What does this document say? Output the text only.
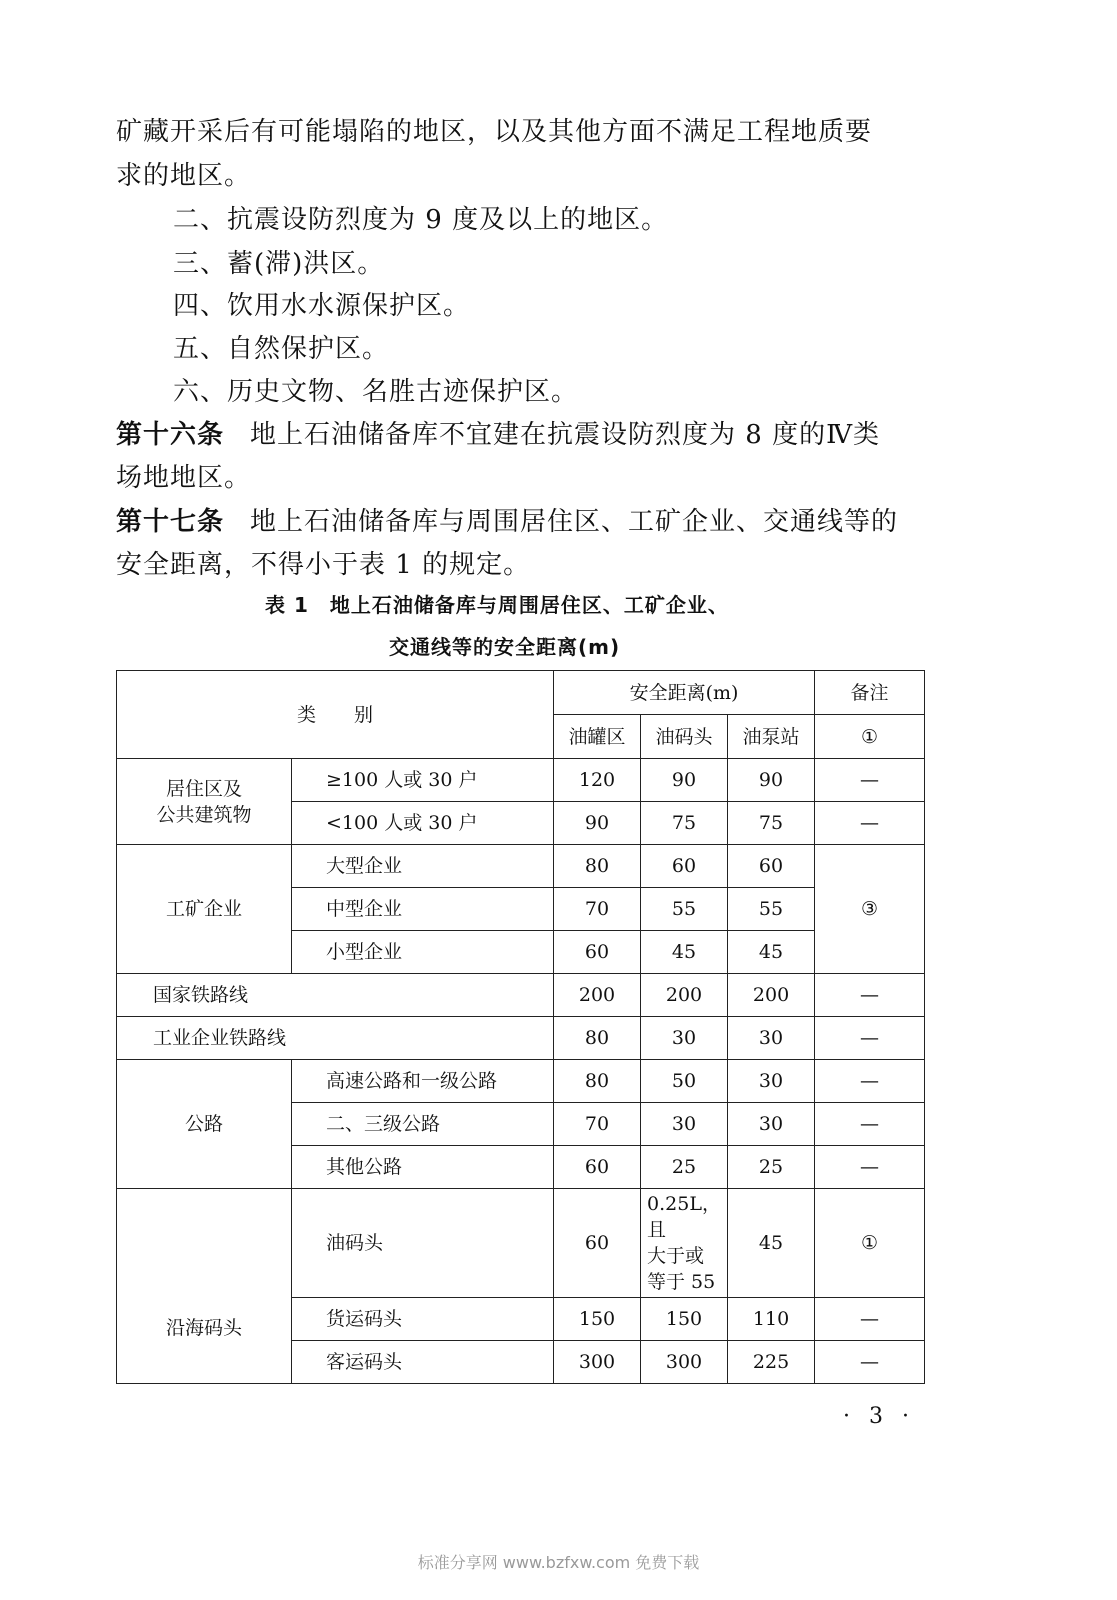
矿藏开采后有可能塌陷的地区，以及其他方面不满足工程地质要
求的地区。
二、抗震设防烈度为 9 度及以上的地区。
三、蓄(滞)洪区。
四、饮用水水源保护区。
五、自然保护区。
六、历史文物、名胜古迹保护区。
第十六条 地上石油储备库不宜建在抗震设防烈度为 8 度的Ⅳ类
场地地区。
第十七条 地上石油储备库与周围居住区、工矿企业、交通线等的
安全距离，不得小于表 1 的规定。
表 1　地上石油储备库与周围居住区、工矿企业、
交通线等的安全距离(m)
类　　别		安全距离(m)			备注
		油罐区	油码头	油泵站	①
居住区及
公共建筑物	≥100 人或 30 户	120	90	90	—
	<100 人或 30 户	90	75	75	—
工矿企业	大型企业	80	60	60	③
	中型企业	70	55	55	
	小型企业	60	45	45	
国家铁路线		200	200	200	—
工业企业铁路线		80	30	30	—
公路	高速公路和一级公路	80	50	30	—
	二、三级公路	70	30	30	—
	其他公路	60	25	25	—
沿海码头	油码头	60	0.25L，且
大于或
等于 55	45	①
	货运码头	150	150	110	—
	客运码头	300	300	225	—
· 3 ·
标准分享网 www.bzfxw.com 免费下载
